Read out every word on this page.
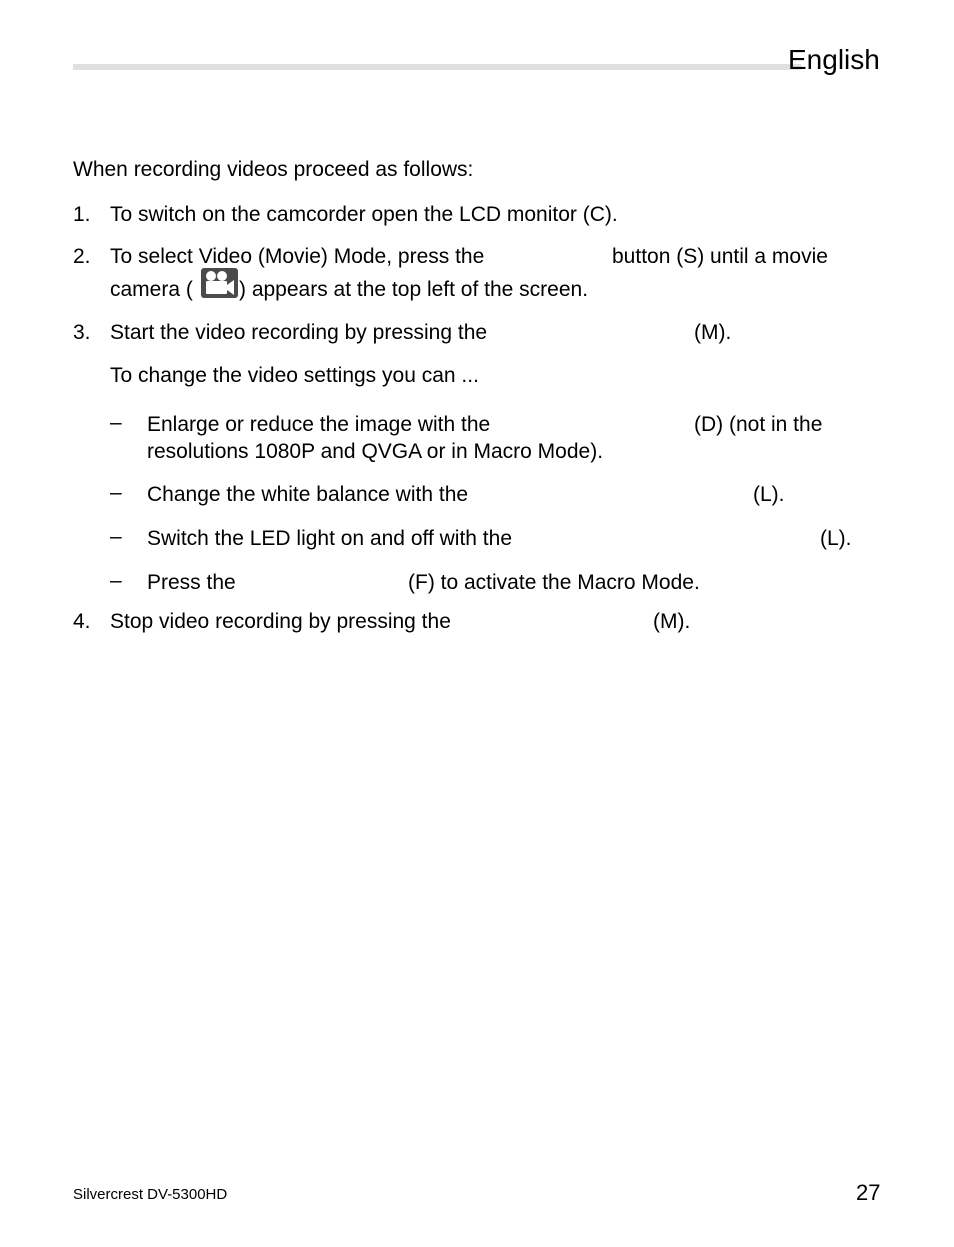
English
When recording videos proceed as follows:
1. To switch on the camcorder open the LCD monitor (C).
2. To select Video (Movie) Mode, press the	button (S) until a movie
camera ( ) appears at the top left of the screen.
3. Start the video recording by pressing the	(M).
To change the video settings you can ...
– Enlarge or reduce the image with the	(D) (not in the
resolutions 1080P and QVGA or in Macro Mode).
– Change the white balance with the	(L).
– Switch the LED light on and off with the	(L).
– Press the	(F) to activate the Macro Mode.
4. Stop video recording by pressing the	(M).
Silvercrest DV-5300HD	27
